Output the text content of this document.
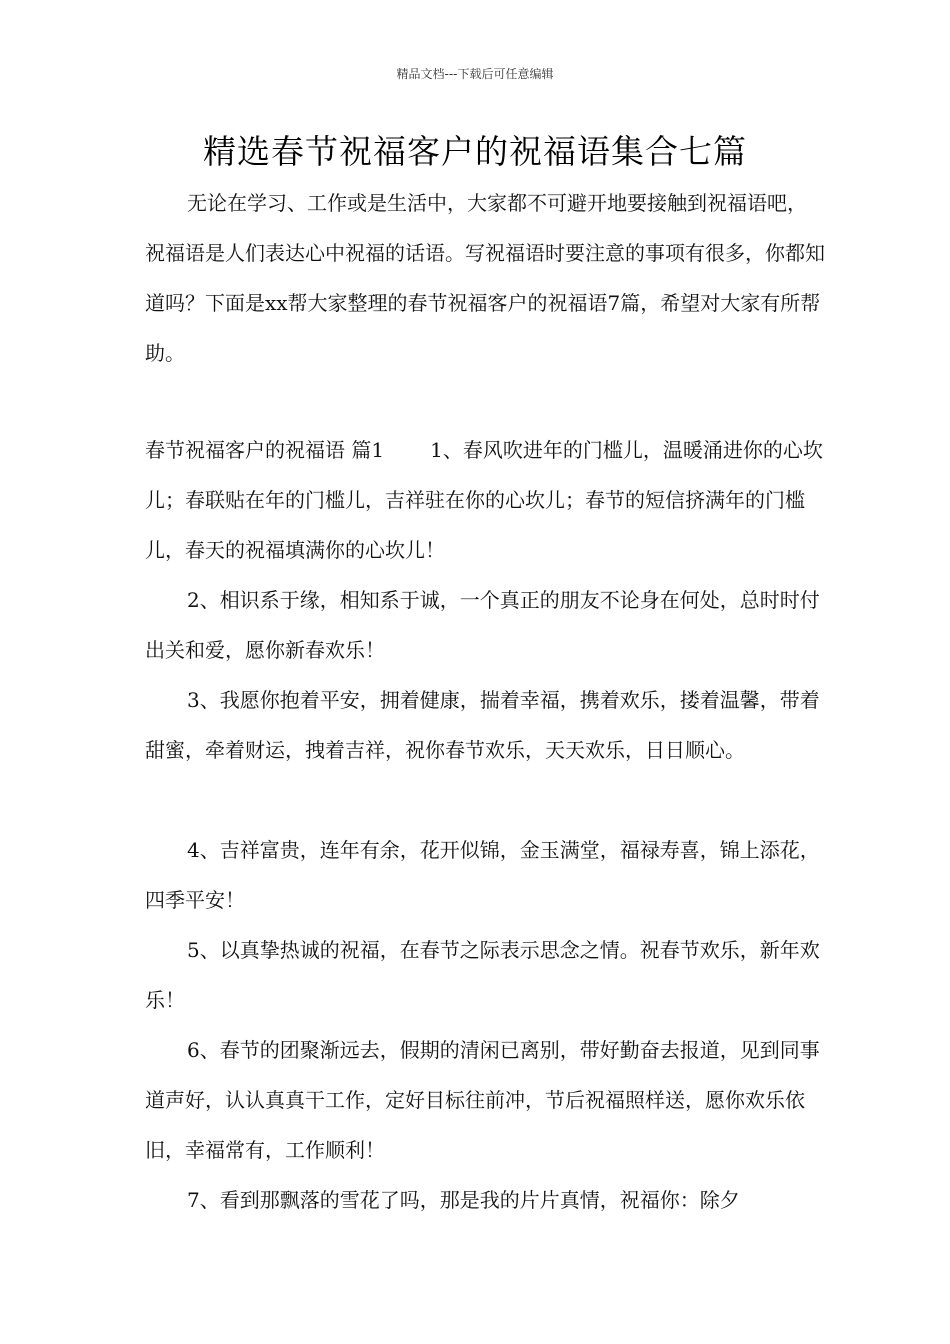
精品文档---下载后可任意编辑
精选春节祝福客户的祝福语集合七篇

无论在学习、工作或是生活中，大家都不可避开地要接触到祝福语吧，祝福语是人们表达心中祝福的话语。写祝福语时要注意的事项有很多，你都知道吗？下面是xx帮大家整理的春节祝福客户的祝福语7篇，希望对大家有所帮助。

春节祝福客户的祝福语 篇1 1、春风吹进年的门槛儿，温暖涌进你的心坎儿；春联贴在年的门槛儿，吉祥驻在你的心坎儿；春节的短信挤满年的门槛儿，春天的祝福填满你的心坎儿！

2、相识系于缘，相知系于诚，一个真正的朋友不论身在何处，总时时付出关和爱，愿你新春欢乐！

3、我愿你抱着平安，拥着健康，揣着幸福，携着欢乐，搂着温馨，带着甜蜜，牵着财运，拽着吉祥，祝你春节欢乐，天天欢乐，日日顺心。

4、吉祥富贵，连年有余，花开似锦，金玉满堂，福禄寿喜，锦上添花，四季平安！

5、以真挚热诚的祝福，在春节之际表示思念之情。祝春节欢乐，新年欢乐！

6、春节的团聚渐远去，假期的清闲已离别，带好勤奋去报道，见到同事道声好，认认真真干工作，定好目标往前冲，节后祝福照样送，愿你欢乐依旧，幸福常有，工作顺利！

7、看到那飘落的雪花了吗，那是我的片片真情，祝福你：除夕
